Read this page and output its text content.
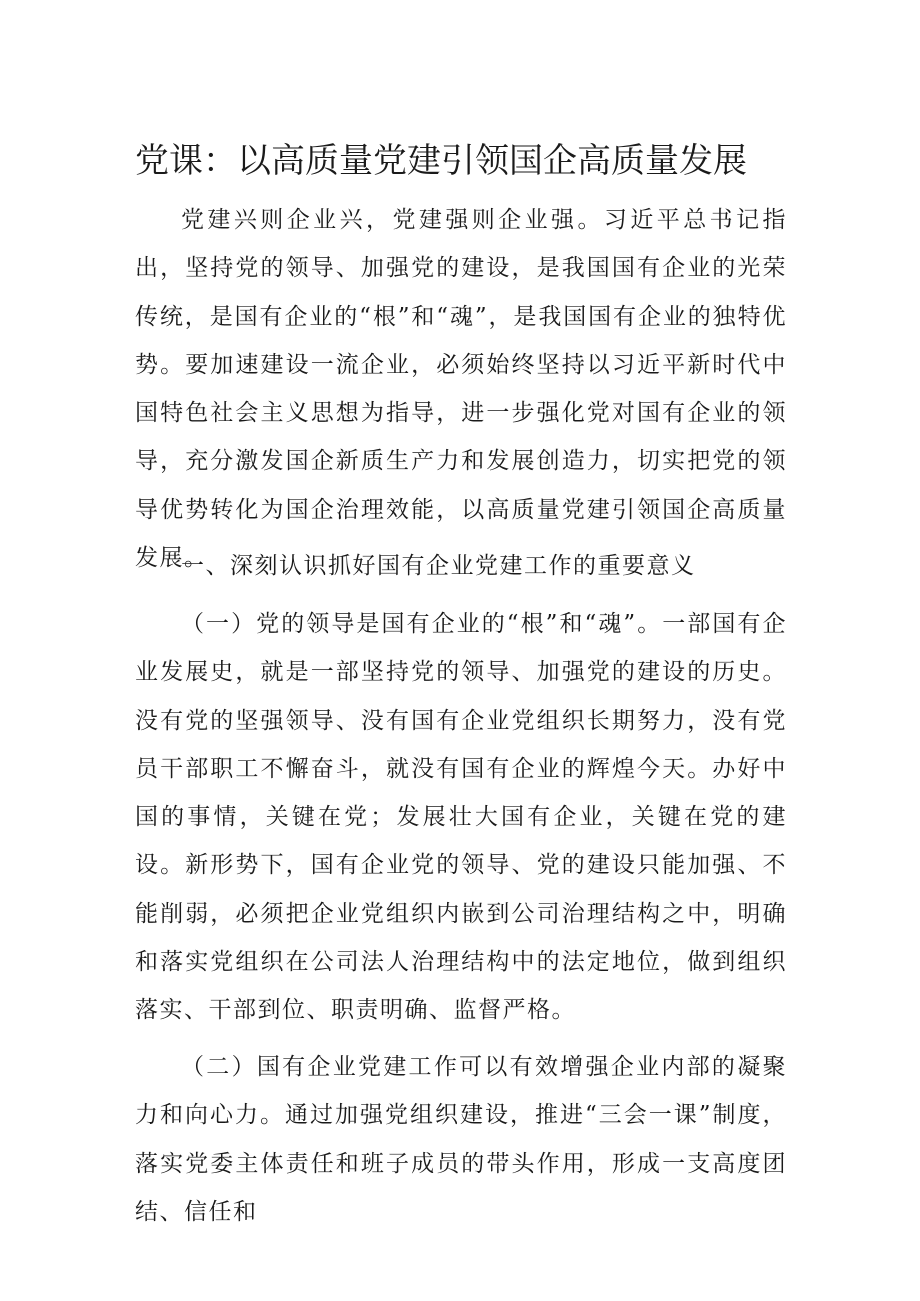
党课：以高质量党建引领国企高质量发展

党建兴则企业兴，党建强则企业强。习近平总书记指出，坚持党的领导、加强党的建设，是我国国有企业的光荣传统，是国有企业的“根”和“魂”，是我国国有企业的独特优势。要加速建设一流企业，必须始终坚持以习近平新时代中国特色社会主义思想为指导，进一步强化党对国有企业的领导，充分激发国企新质生产力和发展创造力，切实把党的领导优势转化为国企治理效能，以高质量党建引领国企高质量发展。

一、深刻认识抓好国有企业党建工作的重要意义

（一）党的领导是国有企业的“根”和“魂”。一部国有企业发展史，就是一部坚持党的领导、加强党的建设的历史。没有党的坚强领导、没有国有企业党组织长期努力，没有党员干部职工不懈奋斗，就没有国有企业的辉煌今天。办好中国的事情，关键在党；发展壮大国有企业，关键在党的建设。新形势下，国有企业党的领导、党的建设只能加强、不能削弱，必须把企业党组织内嵌到公司治理结构之中，明确和落实党组织在公司法人治理结构中的法定地位，做到组织落实、干部到位、职责明确、监督严格。

（二）国有企业党建工作可以有效增强企业内部的凝聚力和向心力。通过加强党组织建设，推进“三会一课”制度，落实党委主体责任和班子成员的带头作用，形成一支高度团结、信任和
